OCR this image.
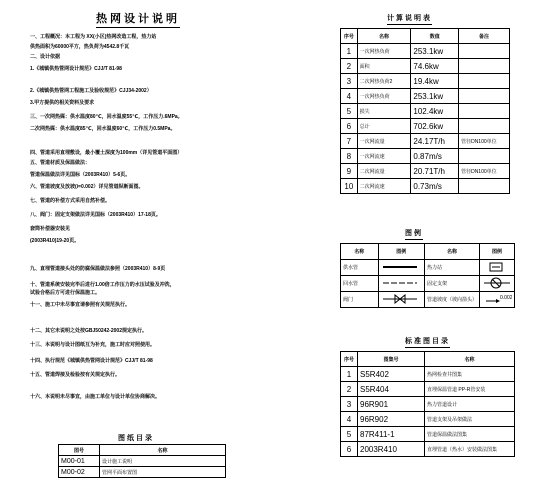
热网设计说明
一、工程概况：本工程为 XX(小区)热网改造工程，热力站
供热面积为60000平方，热负荷为4542.8千瓦
二、设计依据
1.《城镇供热管网设计规范》CJJ/T 81-98
2.《城镇供热管网工程施工及验收规范》CJJ34-2002）
3.甲方提供的相关资料及要求
三、一次网热媒：供水温度80℃，回水温度55℃，工作压力.6MPa。
二次网热媒：供水温度85℃，回水温度60℃，工作压力0.5MPa。
四、管道采用直埋敷设，最小覆土深度为100mm（详见管道平面图）
五、管道材质及保温做法：
管道保温做法详见国标（2003R410）5-6页。
六、管道坡度及放坡(i=0.002）详见管道纵断面图。
七、管道的补偿方式采用自然补偿。
八、阀门：固定支架做法详见国标（2003R410）17-18页。
套筒补偿器安装见
(2003R410)19-20页。
九、直埋管道接头处的防腐保温做法参照（2003R410）8-9页
十、管道系统安装完毕后进行1.00倍工作压力的水压试验及冲洗，
试验合格后方可进行保温施工。
十一、施工中未尽事宜请参照有关规范执行。
十二、其它未说明之处按GBJ50242-2002规定执行。
十三、本说明与设计图纸互为补充，施工时应对照使用。
十四、执行规范《城镇供热管网设计规范》CJJ/T 81-98
十五、管道焊接及检验按有关规定执行。
十六、本说明未尽事宜，由施工单位与设计单位协商解决。
图纸目录
图号	名称
M00-01	设计施工说明
M00-02	管网平面布置图
计算说明表
序号	名称	数值	备注
1	一次网热负荷	253.1kw	
2	面积	74.6kw	
3	二次网热负荷2	19.4kw	
4	一次网热负荷	253.1kw	
5	损失	102.4kw	
6	总计	702.6kw	
7	一次网流量	24.17T/h	管径DN100单位
8	一次网流速	0.87m/s	
9	二次网流量	20.71T/h	管径DN100单位
10	二次网流速	0.73m/s	
图例
名称	图例	名称	图例
供水管		热力站	
回水管		固定支架	
阀门		管道坡度（坡向箭头）	0.002
标准图目录
序号	图集号	名称
1	S5R402	热网检查井图集
2	S5R404	直埋保温管道 PP-R管安装
3	96R901	热力管道设计
4	96R902	管道支架及吊架做法
5	87R411-1	管道保温做法图集
6	2003R410	直埋管道（热水）安装做法图集
